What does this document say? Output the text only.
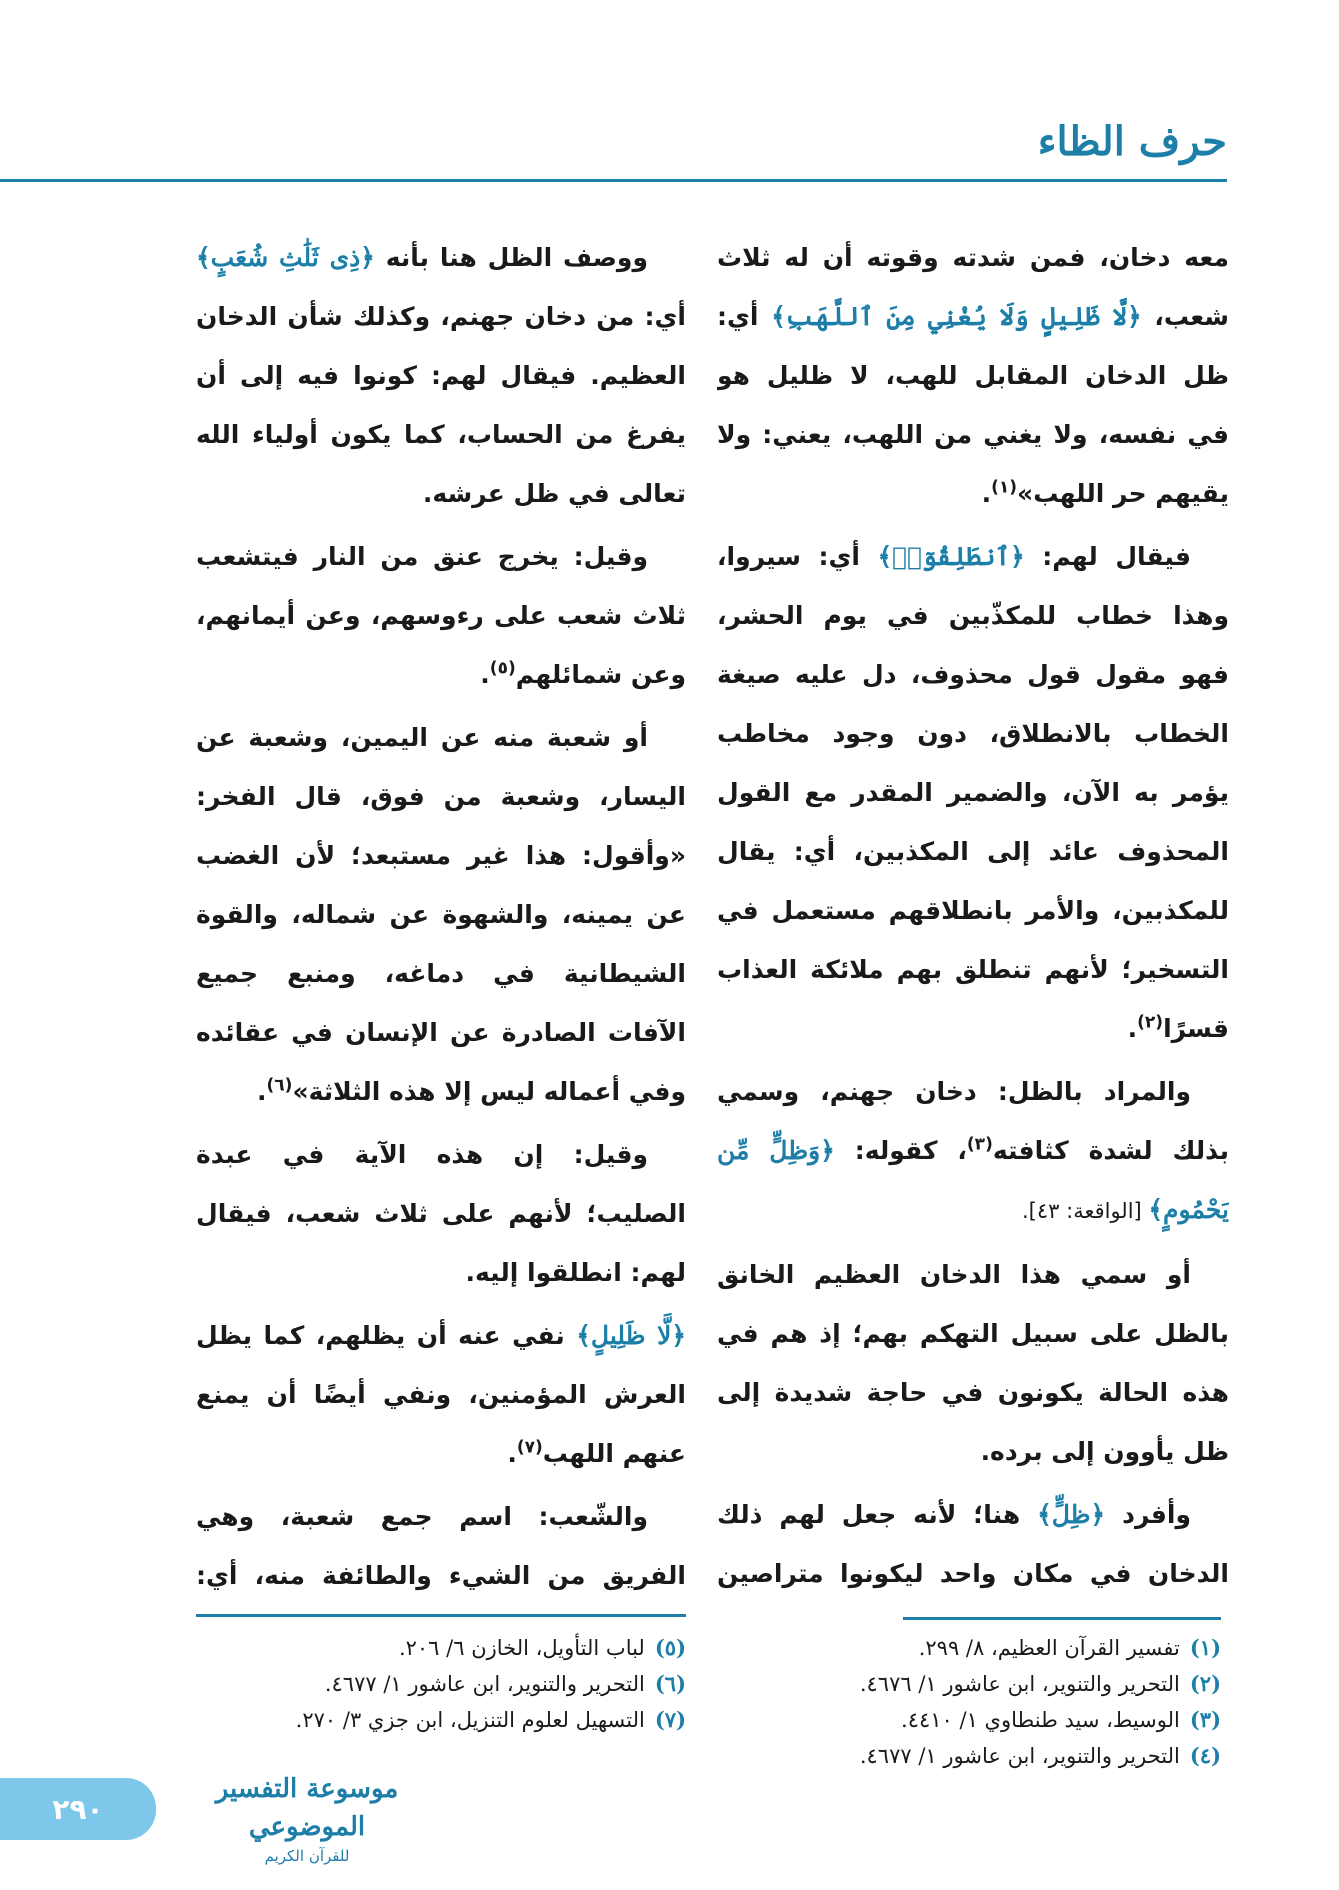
حرف الظاء

معه دخان، فمن شدته وقوته أن له ثلاث شعب، ﴿لَّا ظَلِيلٍ وَلَا يُغْنِي مِنَ ٱللَّهَبِ﴾ أي: ظل الدخان المقابل للهب، لا ظليل هو في نفسه، ولا يغني من اللهب، يعني: ولا يقيهم حر اللهب»$^{(١)}$.

فيقال لهم: ﴿ٱنطَلِقُوٓا۟﴾ أي: سيروا، وهذا خطاب للمكذّبين في يوم الحشر، فهو مقول قول محذوف، دل عليه صيغة الخطاب بالانطلاق، دون وجود مخاطب يؤمر به الآن، والضمير المقدر مع القول المحذوف عائد إلى المكذبين، أي: يقال للمكذبين، والأمر بانطلاقهم مستعمل في التسخير؛ لأنهم تنطلق بهم ملائكة العذاب قسرًا$^{(٢)}$.

والمراد بالظل: دخان جهنم، وسمي بذلك لشدة كثافته$^{(٣)}$، كقوله: ﴿وَظِلٍّ مِّن يَحْمُومٍ﴾ [الواقعة: ٤٣].

أو سمي هذا الدخان العظيم الخانق بالظل على سبيل التهكم بهم؛ إذ هم في هذه الحالة يكونون في حاجة شديدة إلى ظل يأوون إلى برده.

وأفرد ﴿ظِلٍّ﴾ هنا؛ لأنه جعل لهم ذلك الدخان في مكان واحد ليكونوا متراصين

ووصف الظل هنا بأنه ﴿ذِى ثَلَٰثِ شُعَبٍ﴾ أي: من دخان جهنم، وكذلك شأن الدخان العظيم. فيقال لهم: كونوا فيه إلى أن يفرغ من الحساب، كما يكون أولياء الله تعالى في ظل عرشه.

وقيل: يخرج عنق من النار فيتشعب ثلاث شعب على رءوسهم، وعن أيمانهم، وعن شمائلهم$^{(٥)}$.

أو شعبة منه عن اليمين، وشعبة عن اليسار، وشعبة من فوق، قال الفخر: «وأقول: هذا غير مستبعد؛ لأن الغضب عن يمينه، والشهوة عن شماله، والقوة الشيطانية في دماغه، ومنبع جميع الآفات الصادرة عن الإنسان في عقائده وفي أعماله ليس إلا هذه الثلاثة»$^{(٦)}$.

وقيل: إن هذه الآية في عبدة الصليب؛ لأنهم على ثلاث شعب، فيقال لهم: انطلقوا إليه.

﴿لَّا ظَلِيلٍ﴾ نفي عنه أن يظلهم، كما يظل العرش المؤمنين، ونفي أيضًا أن يمنع عنهم اللهب$^{(٧)}$.

والشّعب: اسم جمع شعبة، وهي الفريق من الشيء والطائفة منه، أي:

(١)تفسير القرآن العظيم، ٨/ ٢٩٩.
(٢)التحرير والتنوير، ابن عاشور ١/ ٤٦٧٦.
(٣)الوسيط، سيد طنطاوي ١/ ٤٤١٠.
(٤)التحرير والتنوير، ابن عاشور ١/ ٤٦٧٧.
(٥)لباب التأويل، الخازن ٦/ ٢٠٦.
(٦)التحرير والتنوير، ابن عاشور ١/ ٤٦٧٧.
(٧)التسهيل لعلوم التنزيل، ابن جزي ٣/ ٢٧٠.
٢٩٠
موسوعة التفسير الموضوعي
للقرآن الكريم
